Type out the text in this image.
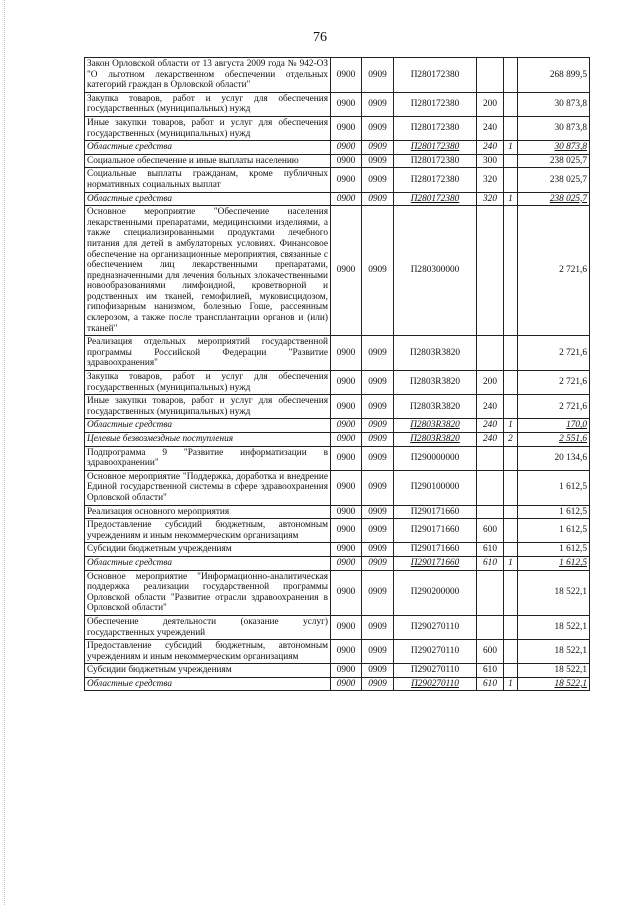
76
Закон Орловской области от 13 августа 2009 года № 942-ОЗ "О льготном лекарственном обеспечении отдельных категорий граждан в Орловской области"	0900	0909	П280172380			268 899,5
Закупка товаров, работ и услуг для обеспечения государственных (муниципальных) нужд	0900	0909	П280172380	200		30 873,8
Иные закупки товаров, работ и услуг для обеспечения государственных (муниципальных) нужд	0900	0909	П280172380	240		30 873,8
Областные средства	0900	0909	П280172380	240	1	30 873,8
Социальное обеспечение и иные выплаты населению	0900	0909	П280172380	300		238 025,7
Социальные выплаты гражданам, кроме публичных нормативных социальных выплат	0900	0909	П280172380	320		238 025,7
Областные средства	0900	0909	П280172380	320	1	238 025,7
Основное мероприятие "Обеспечение населения лекарственными препаратами, медицинскими изделиями, а также специализированными продуктами лечебного питания для детей в амбулаторных условиях. Финансовое обеспечение на организационные мероприятия, связанные с обеспечением лиц лекарственными препаратами, предназначенными для лечения больных злокачественными новообразованиями лимфоидной, кроветворной и родственных им тканей, гемофилией, муковисцидозом, гипофизарным нанизмом, болезнью Гоше, рассеянным склерозом, а также после трансплантации органов и (или) тканей"	0900	0909	П280300000			2 721,6
Реализация отдельных мероприятий государственной программы Российской Федерации "Развитие здравоохранения"	0900	0909	П2803R3820			2 721,6
Закупка товаров, работ и услуг для обеспечения государственных (муниципальных) нужд	0900	0909	П2803R3820	200		2 721,6
Иные закупки товаров, работ и услуг для обеспечения государственных (муниципальных) нужд	0900	0909	П2803R3820	240		2 721,6
Областные средства	0900	0909	П2803R3820	240	1	170,0
Целевые безвозмездные поступления	0900	0909	П2803R3820	240	2	2 551,6
Подпрограмма 9 "Развитие информатизации в здравоохранении"	0900	0909	П290000000			20 134,6
Основное мероприятие "Поддержка, доработка и внедрение Единой государственной системы в сфере здравоохранения Орловской области"	0900	0909	П290100000			1 612,5
Реализация основного мероприятия	0900	0909	П290171660			1 612,5
Предоставление субсидий бюджетным, автономным учреждениям и иным некоммерческим организациям	0900	0909	П290171660	600		1 612,5
Субсидии бюджетным учреждениям	0900	0909	П290171660	610		1 612,5
Областные средства	0900	0909	П290171660	610	1	1 612,5
Основное мероприятие "Информационно-аналитическая поддержка реализации государственной программы Орловской области "Развитие отрасли здравоохранения в Орловской области"	0900	0909	П290200000			18 522,1
Обеспечение деятельности (оказание услуг) государственных учреждений	0900	0909	П290270110			18 522,1
Предоставление субсидий бюджетным, автономным учреждениям и иным некоммерческим организациям	0900	0909	П290270110	600		18 522,1
Субсидии бюджетным учреждениям	0900	0909	П290270110	610		18 522,1
Областные средства	0900	0909	П290270110	610	1	18 522,1
